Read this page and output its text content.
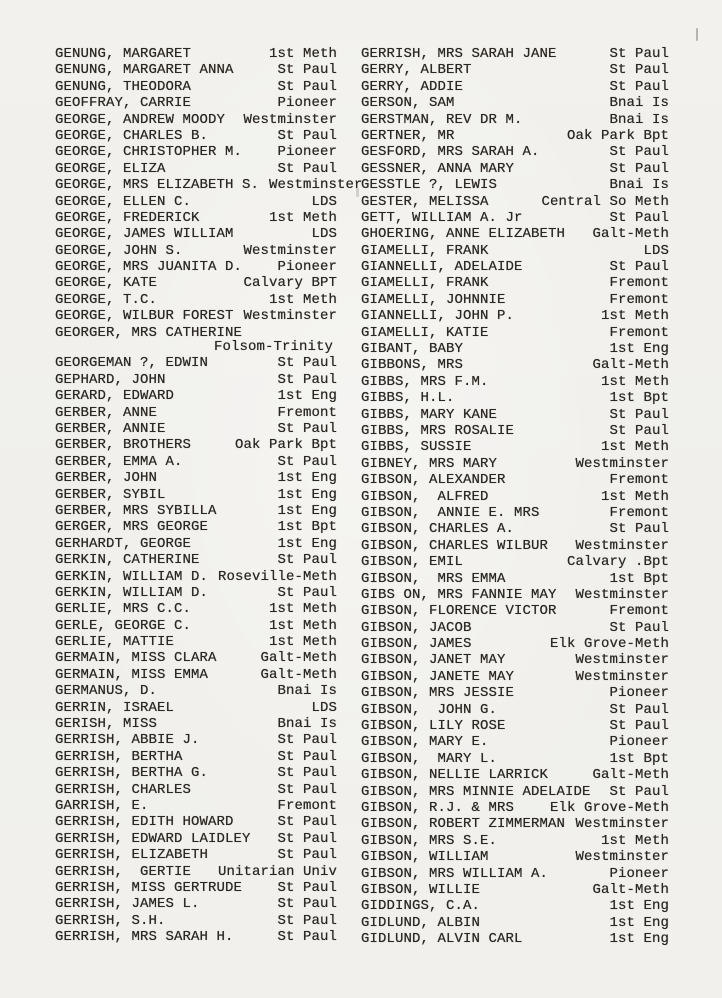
GENUNG, MARGARET	1st Meth
GENUNG, MARGARET ANNA	St Paul
GENUNG, THEODORA	St Paul
GEOFFRAY, CARRIE	Pioneer
GEORGE, ANDREW MOODY Westminster
GEORGE, CHARLES B.	St Paul
GEORGE, CHRISTOPHER M.	Pioneer
GEORGE, ELIZA	St Paul
GEORGE, MRS ELIZABETH S. Westminster
GEORGE, ELLEN C.	LDS
GEORGE, FREDERICK	1st Meth
GEORGE, JAMES WILLIAM	LDS
GEORGE, JOHN S.	Westminster
GEORGE, MRS JUANITA D.	Pioneer
GEORGE, KATE	Calvary BPT
GEORGE, T.C.	1st Meth
GEORGE, WILBUR FOREST Westminster
GEORGER, MRS CATHERINE
Folsom-Trinity
GEORGEMAN ?, EDWIN	St Paul
GEPHARD, JOHN	St Paul
GERARD, EDWARD	1st Eng
GERBER, ANNE	Fremont
GERBER, ANNIE	St Paul
GERBER, BROTHERS	Oak Park Bpt
GERBER, EMMA A.	St Paul
GERBER, JOHN	1st Eng
GERBER, SYBIL	1st Eng
GERBER, MRS SYBILLA	1st Eng
GERGER, MRS GEORGE	1st Bpt
GERHARDT, GEORGE	1st Eng
GERKIN, CATHERINE	St Paul
GERKIN, WILLIAM D. Roseville-Meth
GERKIN, WILLIAM D.	St Paul
GERLIE, MRS C.C.	1st Meth
GERLE, GEORGE C.	1st Meth
GERLIE, MATTIE	1st Meth
GERMAIN, MISS CLARA	Galt-Meth
GERMAIN, MISS EMMA	Galt-Meth
GERMANUS, D.	Bnai Is
GERRIN, ISRAEL	LDS
GERISH, MISS	Bnai Is
GERRISH, ABBIE J.	St Paul
GERRISH, BERTHA	St Paul
GERRISH, BERTHA G.	St Paul
GERRISH, CHARLES	St Paul
GARRISH, E.	Fremont
GERRISH, EDITH HOWARD	St Paul
GERRISH, EDWARD LAIDLEY St Paul
GERRISH, ELIZABETH	St Paul
GERRISH,  GERTIE Unitarian Univ
GERRISH, MISS GERTRUDE	St Paul
GERRISH, JAMES L.	St Paul
GERRISH, S.H.	St Paul
GERRISH, MRS SARAH H.	St Paul
GERRISH, MRS SARAH JANE	St Paul
GERRY, ALBERT	St Paul
GERRY, ADDIE	St Paul
GERSON, SAM	Bnai Is
GERSTMAN, REV DR M.	Bnai Is
GERTNER, MR	Oak Park Bpt
GESFORD, MRS SARAH A.	St Paul
GESSNER, ANNA MARY	St Paul
GESSTLE ?, LEWIS	Bnai Is
GESTER, MELISSA	Central So Meth
GETT, WILLIAM A. Jr	St Paul
GHOERING, ANNE ELIZABETH Galt-Meth
GIAMELLI, FRANK	LDS
GIANNELLI, ADELAIDE	St Paul
GIAMELLI, FRANK	Fremont
GIAMELLI, JOHNNIE	Fremont
GIANNELLI, JOHN P.	1st Meth
GIAMELLI, KATIE	Fremont
GIBANT, BABY	1st Eng
GIBBONS, MRS	Galt-Meth
GIBBS, MRS F.M.	1st Meth
GIBBS, H.L.	1st Bpt
GIBBS, MARY KANE	St Paul
GIBBS, MRS ROSALIE	St Paul
GIBBS, SUSSIE	1st Meth
GIBNEY, MRS MARY	Westminster
GIBSON, ALEXANDER	Fremont
GIBSON,  ALFRED	1st Meth
GIBSON,  ANNIE E. MRS	Fremont
GIBSON, CHARLES A.	St Paul
GIBSON, CHARLES WILBUR Westminster
GIBSON, EMIL	Calvary .Bpt
GIBSON,  MRS EMMA	1st Bpt
GIBS ON, MRS FANNIE MAY Westminster
GIBSON, FLORENCE VICTOR	Fremont
GIBSON, JACOB	St Paul
GIBSON, JAMES	Elk Grove-Meth
GIBSON, JANET MAY	Westminster
GIBSON, JANETE MAY	Westminster
GIBSON, MRS JESSIE	Pioneer
GIBSON,  JOHN G.	St Paul
GIBSON, LILY ROSE	St Paul
GIBSON, MARY E.	Pioneer
GIBSON,  MARY L.	1st Bpt
GIBSON, NELLIE LARRICK	Galt-Meth
GIBSON, MRS MINNIE ADELAIDE St Paul
GIBSON, R.J. & MRS	Elk Grove-Meth
GIBSON, ROBERT ZIMMERMAN Westminster
GIBSON, MRS S.E.	1st Meth
GIBSON, WILLIAM	Westminster
GIBSON, MRS WILLIAM A.	Pioneer
GIBSON, WILLIE	Galt-Meth
GIDDINGS, C.A.	1st Eng
GIDLUND, ALBIN	1st Eng
GIDLUND, ALVIN CARL	1st Eng
